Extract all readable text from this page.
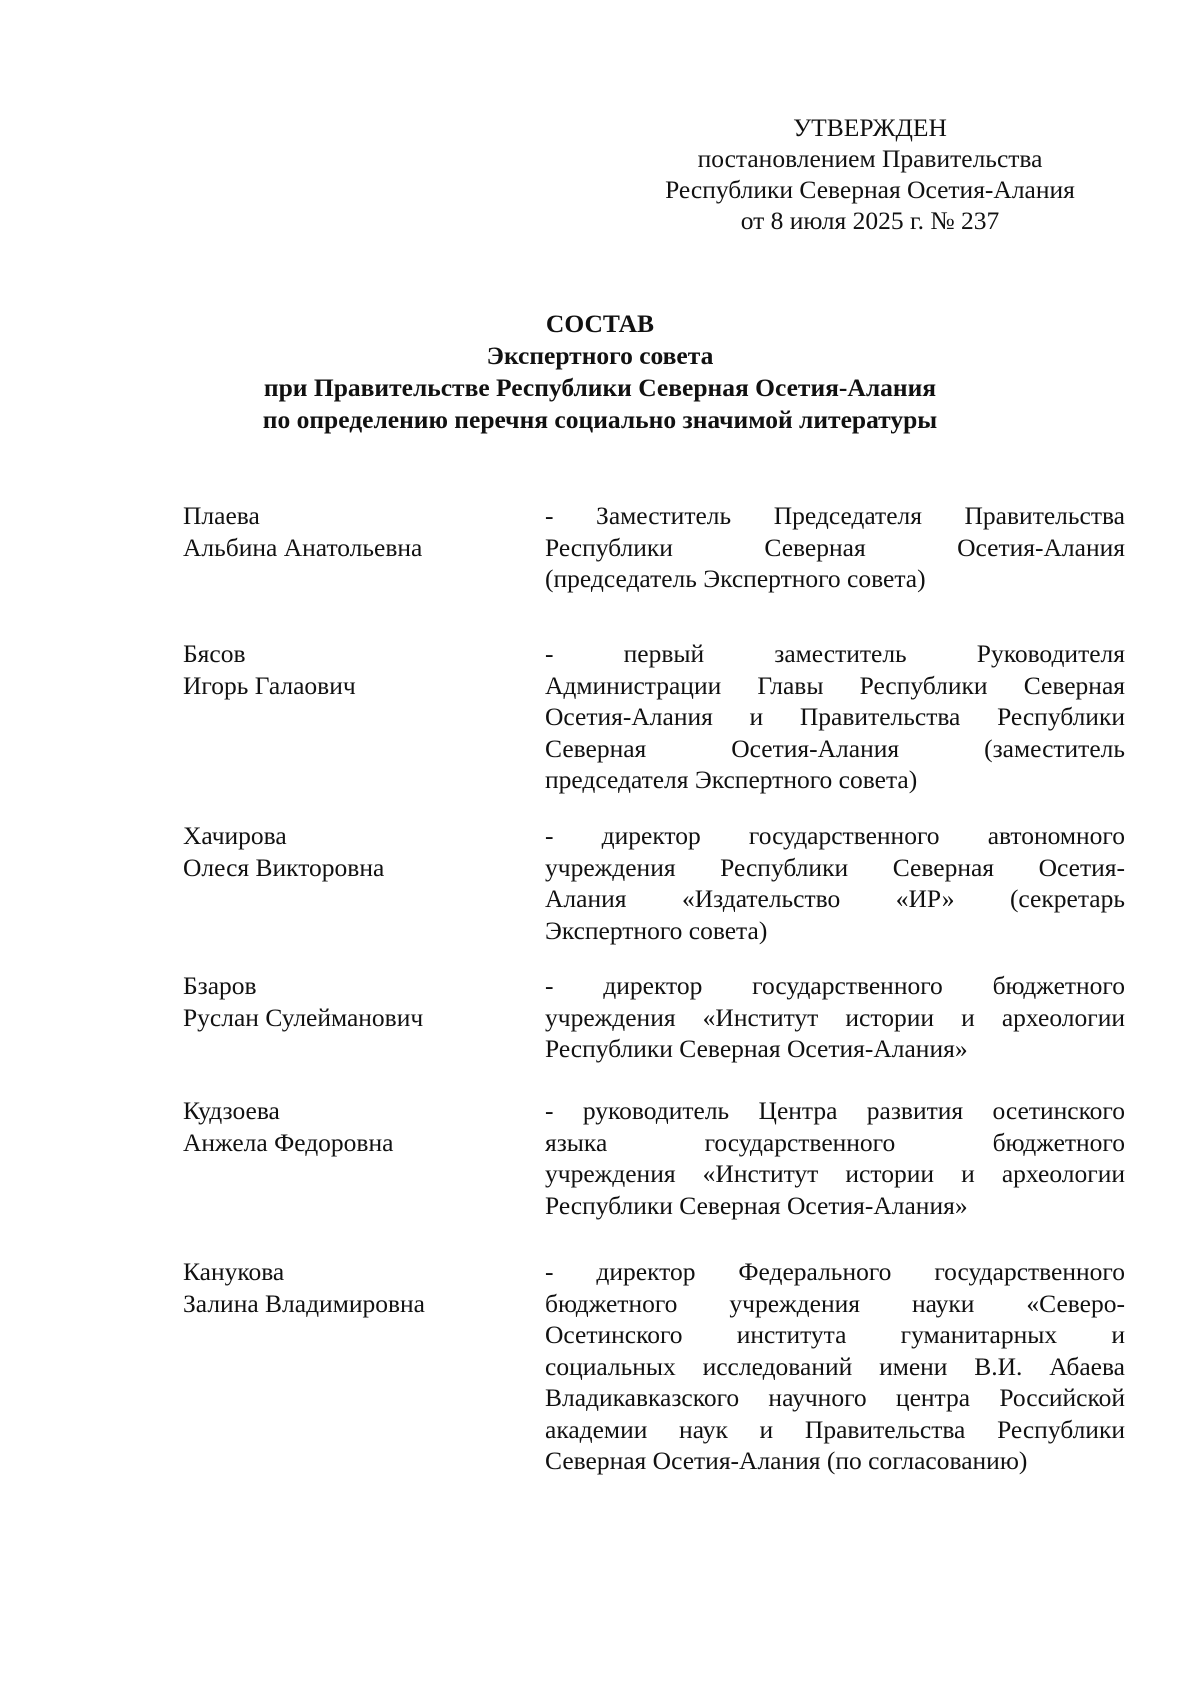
УТВЕРЖДЕН
постановлением Правительства
Республики Северная Осетия-Алания
от 8 июля 2025 г. № 237
СОСТАВ
Экспертного совета
при Правительстве Республики Северная Осетия-Алания
по определению перечня социально значимой литературы
Плаева
Альбина Анатольевна
- Заместитель Председателя Правительства
Республики Северная Осетия-Алания
(председатель Экспертного совета)
Бясов
Игорь Галаович
- первый заместитель Руководителя
Администрации Главы Республики Северная
Осетия-Алания и Правительства Республики
Северная Осетия-Алания (заместитель
председателя Экспертного совета)
Хачирова
Олеся Викторовна
- директор государственного автономного
учреждения Республики Северная Осетия-
Алания «Издательство «ИР» (секретарь
Экспертного совета)
Бзаров
Руслан Сулейманович
- директор государственного бюджетного
учреждения «Институт истории и археологии
Республики Северная Осетия-Алания»
Кудзоева
Анжела Федоровна
- руководитель Центра развития осетинского
языка государственного бюджетного
учреждения «Институт истории и археологии
Республики Северная Осетия-Алания»
Канукова
Залина Владимировна
- директор Федерального государственного
бюджетного учреждения науки «Северо-
Осетинского института гуманитарных и
социальных исследований имени В.И. Абаева
Владикавказского научного центра Российской
академии наук и Правительства Республики
Северная Осетия-Алания (по согласованию)
